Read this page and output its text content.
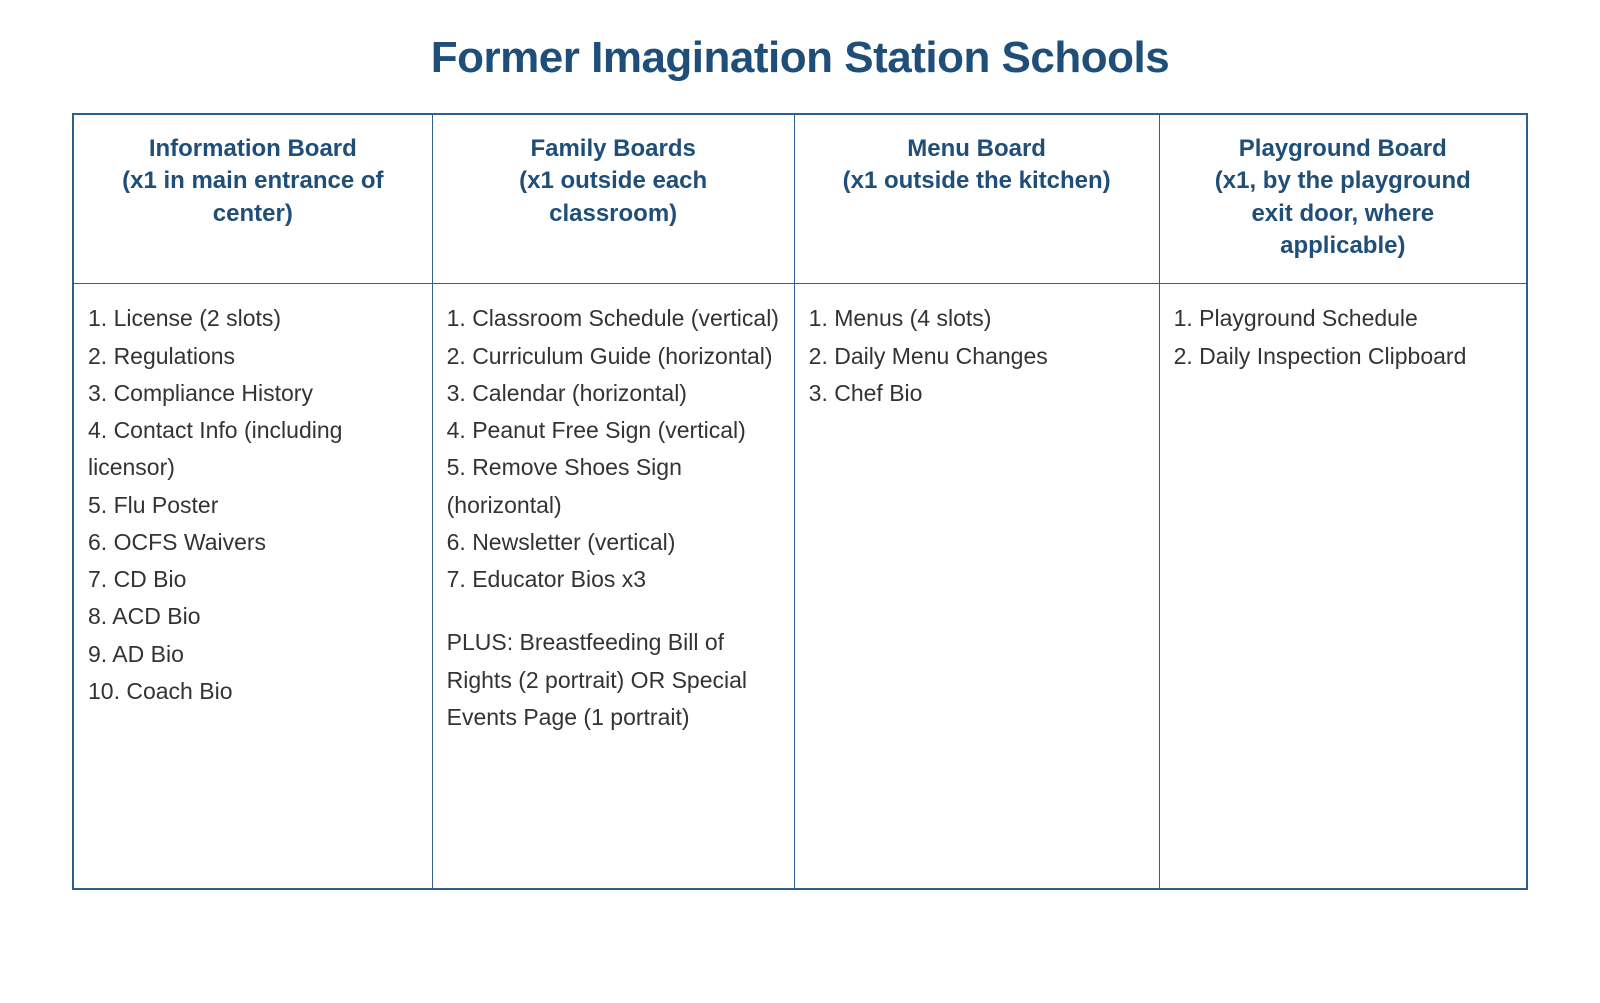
Former Imagination Station Schools
Information Board
(x1 in main entrance of
center)	Family Boards
(x1 outside each
classroom)	Menu Board
(x1 outside the kitchen)	Playground Board
(x1, by the playground
exit door, where
applicable)

1. License (2 slots)
2. Regulations
3. Compliance History
4. Contact Info (including licensor)
5. Flu Poster
6. OCFS Waivers
7. CD Bio
8. ACD Bio
9. AD Bio
10. Coach Bio

1. Classroom Schedule (vertical)
2. Curriculum Guide (horizontal)
3. Calendar (horizontal)
4. Peanut Free Sign (vertical)
5. Remove Shoes Sign (horizontal)
6. Newsletter (vertical)
7. Educator Bios x3
PLUS: Breastfeeding Bill of Rights (2 portrait) OR Special Events Page (1 portrait)

1. Menus (4 slots)
2. Daily Menu Changes
3. Chef Bio

1. Playground Schedule
2. Daily Inspection Clipboard
